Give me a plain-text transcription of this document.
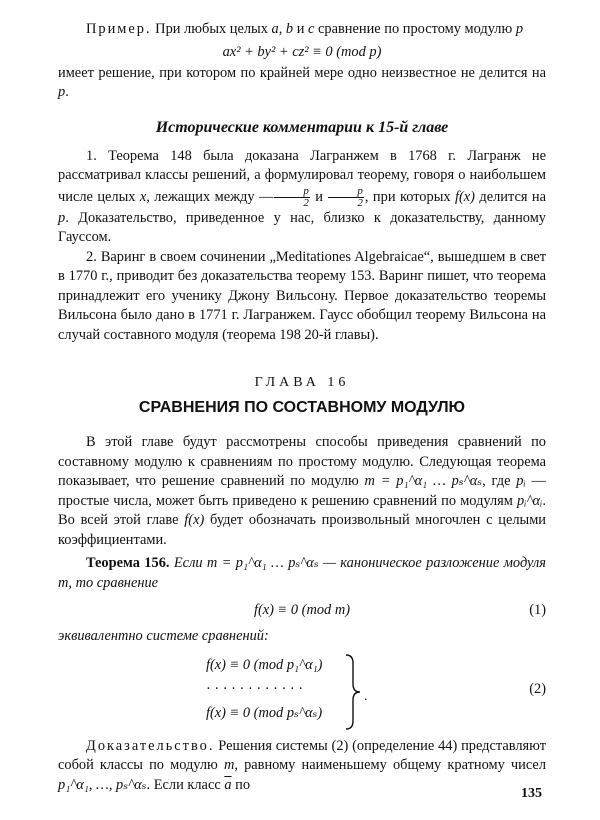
Пример. При любых целых a, b и c сравнение по простому модулю p

ax² + by² + cz² ≡ 0 (mod p)

имеет решение, при котором по крайней мере одно неизвестное не делится на p.

Исторические комментарии к 15-й главе

1. Теорема 148 была доказана Лагранжем в 1768 г. Лагранж не рассматривал классы решений, а формулировал теорему, говоря о наибольшем числе целых x, лежащих между — $\frac{p}{2}$ и $\frac{p}{2}$ , при которых f(x) делится на p. Доказательство, приведенное у нас, близко к доказательству, данному Гауссом.

2. Варинг в своем сочинении „Meditationes Algebraicae“, вышедшем в свет в 1770 г., приводит без доказательства теорему 153. Варинг пишет, что теорема принадлежит его ученику Джону Вильсону. Первое доказательство теоремы Вильсона было дано в 1771 г. Лагранжем. Гаусс обобщил теорему Вильсона на случай составного модуля (теорема 198 20-й главы).

ГЛАВА 16
СРАВНЕНИЯ ПО СОСТАВНОМУ МОДУЛЮ

В этой главе будут рассмотрены способы приведения сравнений по составному модулю к сравнениям по простому модулю. Следующая теорема показывает, что решение сравнений по модулю m = p₁^α₁ … pₛ^αₛ, где pᵢ — простые числа, может быть приведено к решению сравнений по модулям pᵢ^αᵢ. Во всей этой главе f(x) будет обозначать произвольный многочлен с целыми коэффициентами.

Теорема 156. Если m = p₁^α₁ … pₛ^αₛ — каноническое разложение модуля m, то сравнение

f(x) ≡ 0 (mod m)	(1)

эквивалентно системе сравнений:

f(x) ≡ 0 (mod p₁^α₁)
· · · · · · · · · · · ·
f(x) ≡ 0 (mod pₛ^αₛ)
.	(2)

Доказательство. Решения системы (2) (определение 44) представляют собой классы по модулю m, равному наименьшему общему кратному чисел p₁^α₁, …, pₛ^αₛ. Если класс $\overline{a}$ по

135
